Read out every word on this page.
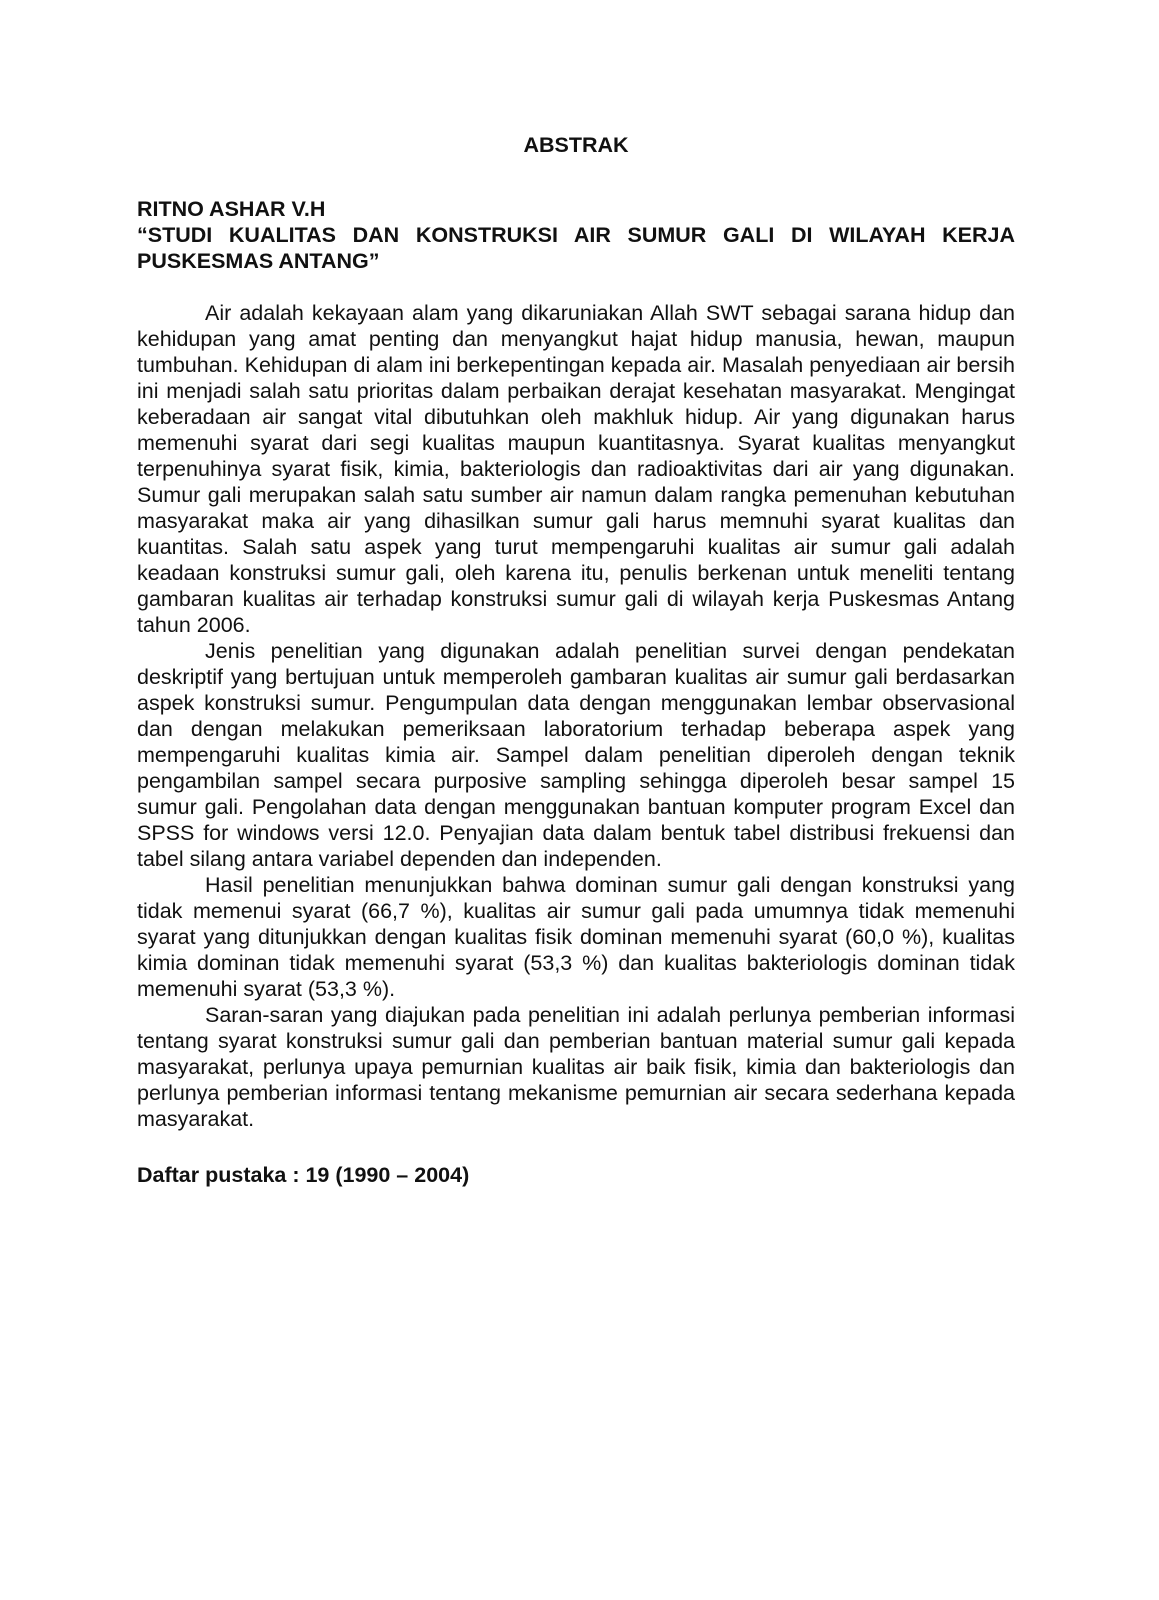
ABSTRAK
RITNO ASHAR V.H
“STUDI KUALITAS DAN KONSTRUKSI AIR SUMUR GALI DI WILAYAH KERJA PUSKESMAS ANTANG”

Air adalah kekayaan alam yang dikaruniakan Allah SWT sebagai sarana hidup dan kehidupan yang amat penting dan menyangkut hajat hidup manusia, hewan, maupun tumbuhan. Kehidupan di alam ini berkepentingan kepada air. Masalah penyediaan air bersih ini menjadi salah satu prioritas dalam perbaikan derajat kesehatan masyarakat. Mengingat keberadaan air sangat vital dibutuhkan oleh makhluk hidup. Air yang digunakan harus memenuhi syarat dari segi kualitas maupun kuantitasnya. Syarat kualitas menyangkut terpenuhinya syarat fisik, kimia, bakteriologis dan radioaktivitas dari air yang digunakan. Sumur gali merupakan salah satu sumber air namun dalam rangka pemenuhan kebutuhan masyarakat maka air yang dihasilkan sumur gali harus memnuhi syarat kualitas dan kuantitas. Salah satu aspek yang turut mempengaruhi kualitas air sumur gali adalah keadaan konstruksi sumur gali, oleh karena itu, penulis berkenan untuk meneliti tentang gambaran kualitas air terhadap konstruksi sumur gali di wilayah kerja Puskesmas Antang tahun 2006.

Jenis penelitian yang digunakan adalah penelitian survei dengan pendekatan deskriptif yang bertujuan untuk memperoleh gambaran kualitas air sumur gali berdasarkan aspek konstruksi sumur. Pengumpulan data dengan menggunakan lembar observasional dan dengan melakukan pemeriksaan laboratorium terhadap beberapa aspek yang mempengaruhi kualitas kimia air. Sampel dalam penelitian diperoleh dengan teknik pengambilan sampel secara purposive sampling sehingga diperoleh besar sampel 15 sumur gali. Pengolahan data dengan menggunakan bantuan komputer program Excel dan SPSS for windows versi 12.0. Penyajian data dalam bentuk tabel distribusi frekuensi dan tabel silang antara variabel dependen dan independen.

Hasil penelitian menunjukkan bahwa dominan sumur gali dengan konstruksi yang tidak memenui syarat (66,7 %), kualitas air sumur gali pada umumnya tidak memenuhi syarat yang ditunjukkan dengan kualitas fisik dominan memenuhi syarat (60,0 %), kualitas kimia dominan tidak memenuhi syarat (53,3 %) dan kualitas bakteriologis dominan tidak memenuhi syarat (53,3 %).

Saran-saran yang diajukan pada penelitian ini adalah perlunya pemberian informasi tentang syarat konstruksi sumur gali dan pemberian bantuan material sumur gali kepada masyarakat, perlunya upaya pemurnian kualitas air baik fisik, kimia dan bakteriologis dan perlunya pemberian informasi tentang mekanisme pemurnian air secara sederhana kepada masyarakat.

Daftar pustaka : 19 (1990 – 2004)
